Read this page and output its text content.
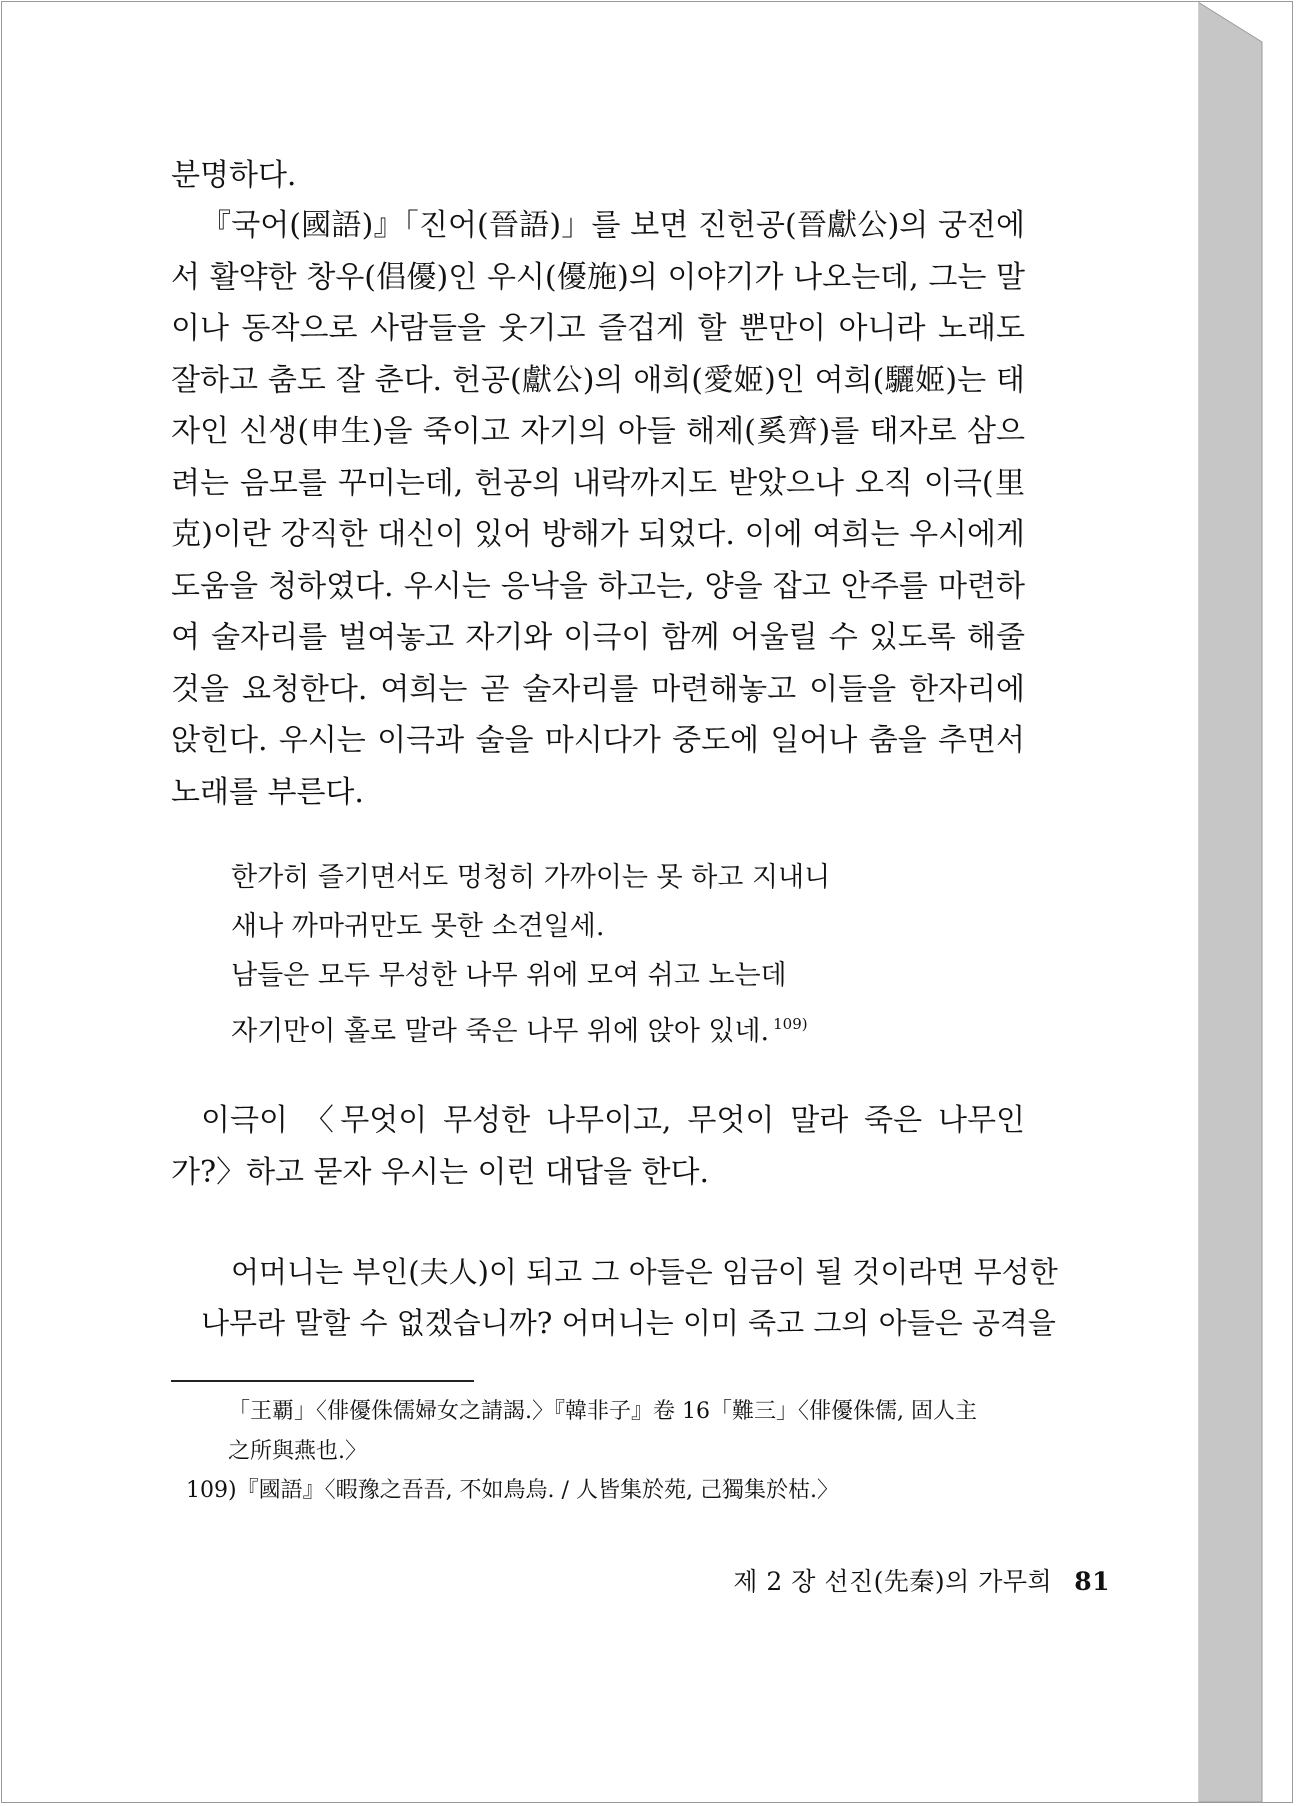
분명하다.

『국어(國語)』「진어(晉語)」를 보면 진헌공(晉獻公)의 궁전에서 활약한 창우(倡優)인 우시(優施)의 이야기가 나오는데, 그는 말이나 동작으로 사람들을 웃기고 즐겁게 할 뿐만이 아니라 노래도 잘하고 춤도 잘 춘다. 헌공(獻公)의 애희(愛姬)인 여희(驪姬)는 태자인 신생(申生)을 죽이고 자기의 아들 해제(奚齊)를 태자로 삼으려는 음모를 꾸미는데, 헌공의 내락까지도 받았으나 오직 이극(里克)이란 강직한 대신이 있어 방해가 되었다. 이에 여희는 우시에게 도움을 청하였다. 우시는 응낙을 하고는, 양을 잡고 안주를 마련하여 술자리를 벌여놓고 자기와 이극이 함께 어울릴 수 있도록 해줄 것을 요청한다. 여희는 곧 술자리를 마련해놓고 이들을 한자리에 앉힌다. 우시는 이극과 술을 마시다가 중도에 일어나 춤을 추면서 노래를 부른다.

한가히 즐기면서도 멍청히 가까이는 못 하고 지내니
새나 까마귀만도 못한 소견일세.
남들은 모두 무성한 나무 위에 모여 쉬고 노는데
자기만이 홀로 말라 죽은 나무 위에 앉아 있네. $^{109)}$

이극이 〈무엇이 무성한 나무이고, 무엇이 말라 죽은 나무인가?〉하고 묻자 우시는 이런 대답을 한다.

어머니는 부인(夫人)이 되고 그 아들은 임금이 될 것이라면 무성한
나무라 말할 수 없겠습니까? 어머니는 이미 죽고 그의 아들은 공격을
「王覇」〈俳優侏儒婦女之請謁.〉『韓非子』卷 16「難三」〈俳優侏儒, 固人主
之所與燕也.〉
109)『國語』〈暇豫之吾吾, 不如鳥烏. / 人皆集於苑, 己獨集於枯.〉
제 2 장 선진(先秦)의 가무희 81
